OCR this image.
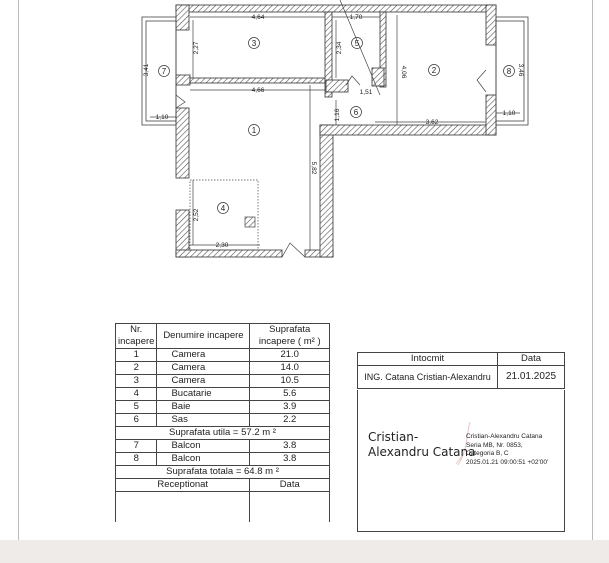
4,64	1,70
2,27	2,34
4,06
4,66	1,51
1,16
3,62
3,41	3,46
1,10
1,10
5,82
2,52
2,30
1
2
3
4
5
6
7	8
Nr. incapere	Denumire incapere	Suprafata incapere ( m² )
1	Camera	21.0
2	Camera	14.0
3	Camera	10.5
4	Bucatarie	5.6
5	Baie	3.9
6	Sas	2.2
Suprafata utila = 57.2 m ²		
7	Balcon	3.8
8	Balcon	3.8
Suprafata totala = 64.8 m ²		
Receptionat		Data

Intocmit	Data
ING. Catana Cristian-Alexandru	21.01.2025
Cristian-
Alexandru Catana
Cristian-Alexandru Catana
Seria MB, Nr. 0853,
Categoria B, C
2025.01.21 09:00:51 +02'00'
